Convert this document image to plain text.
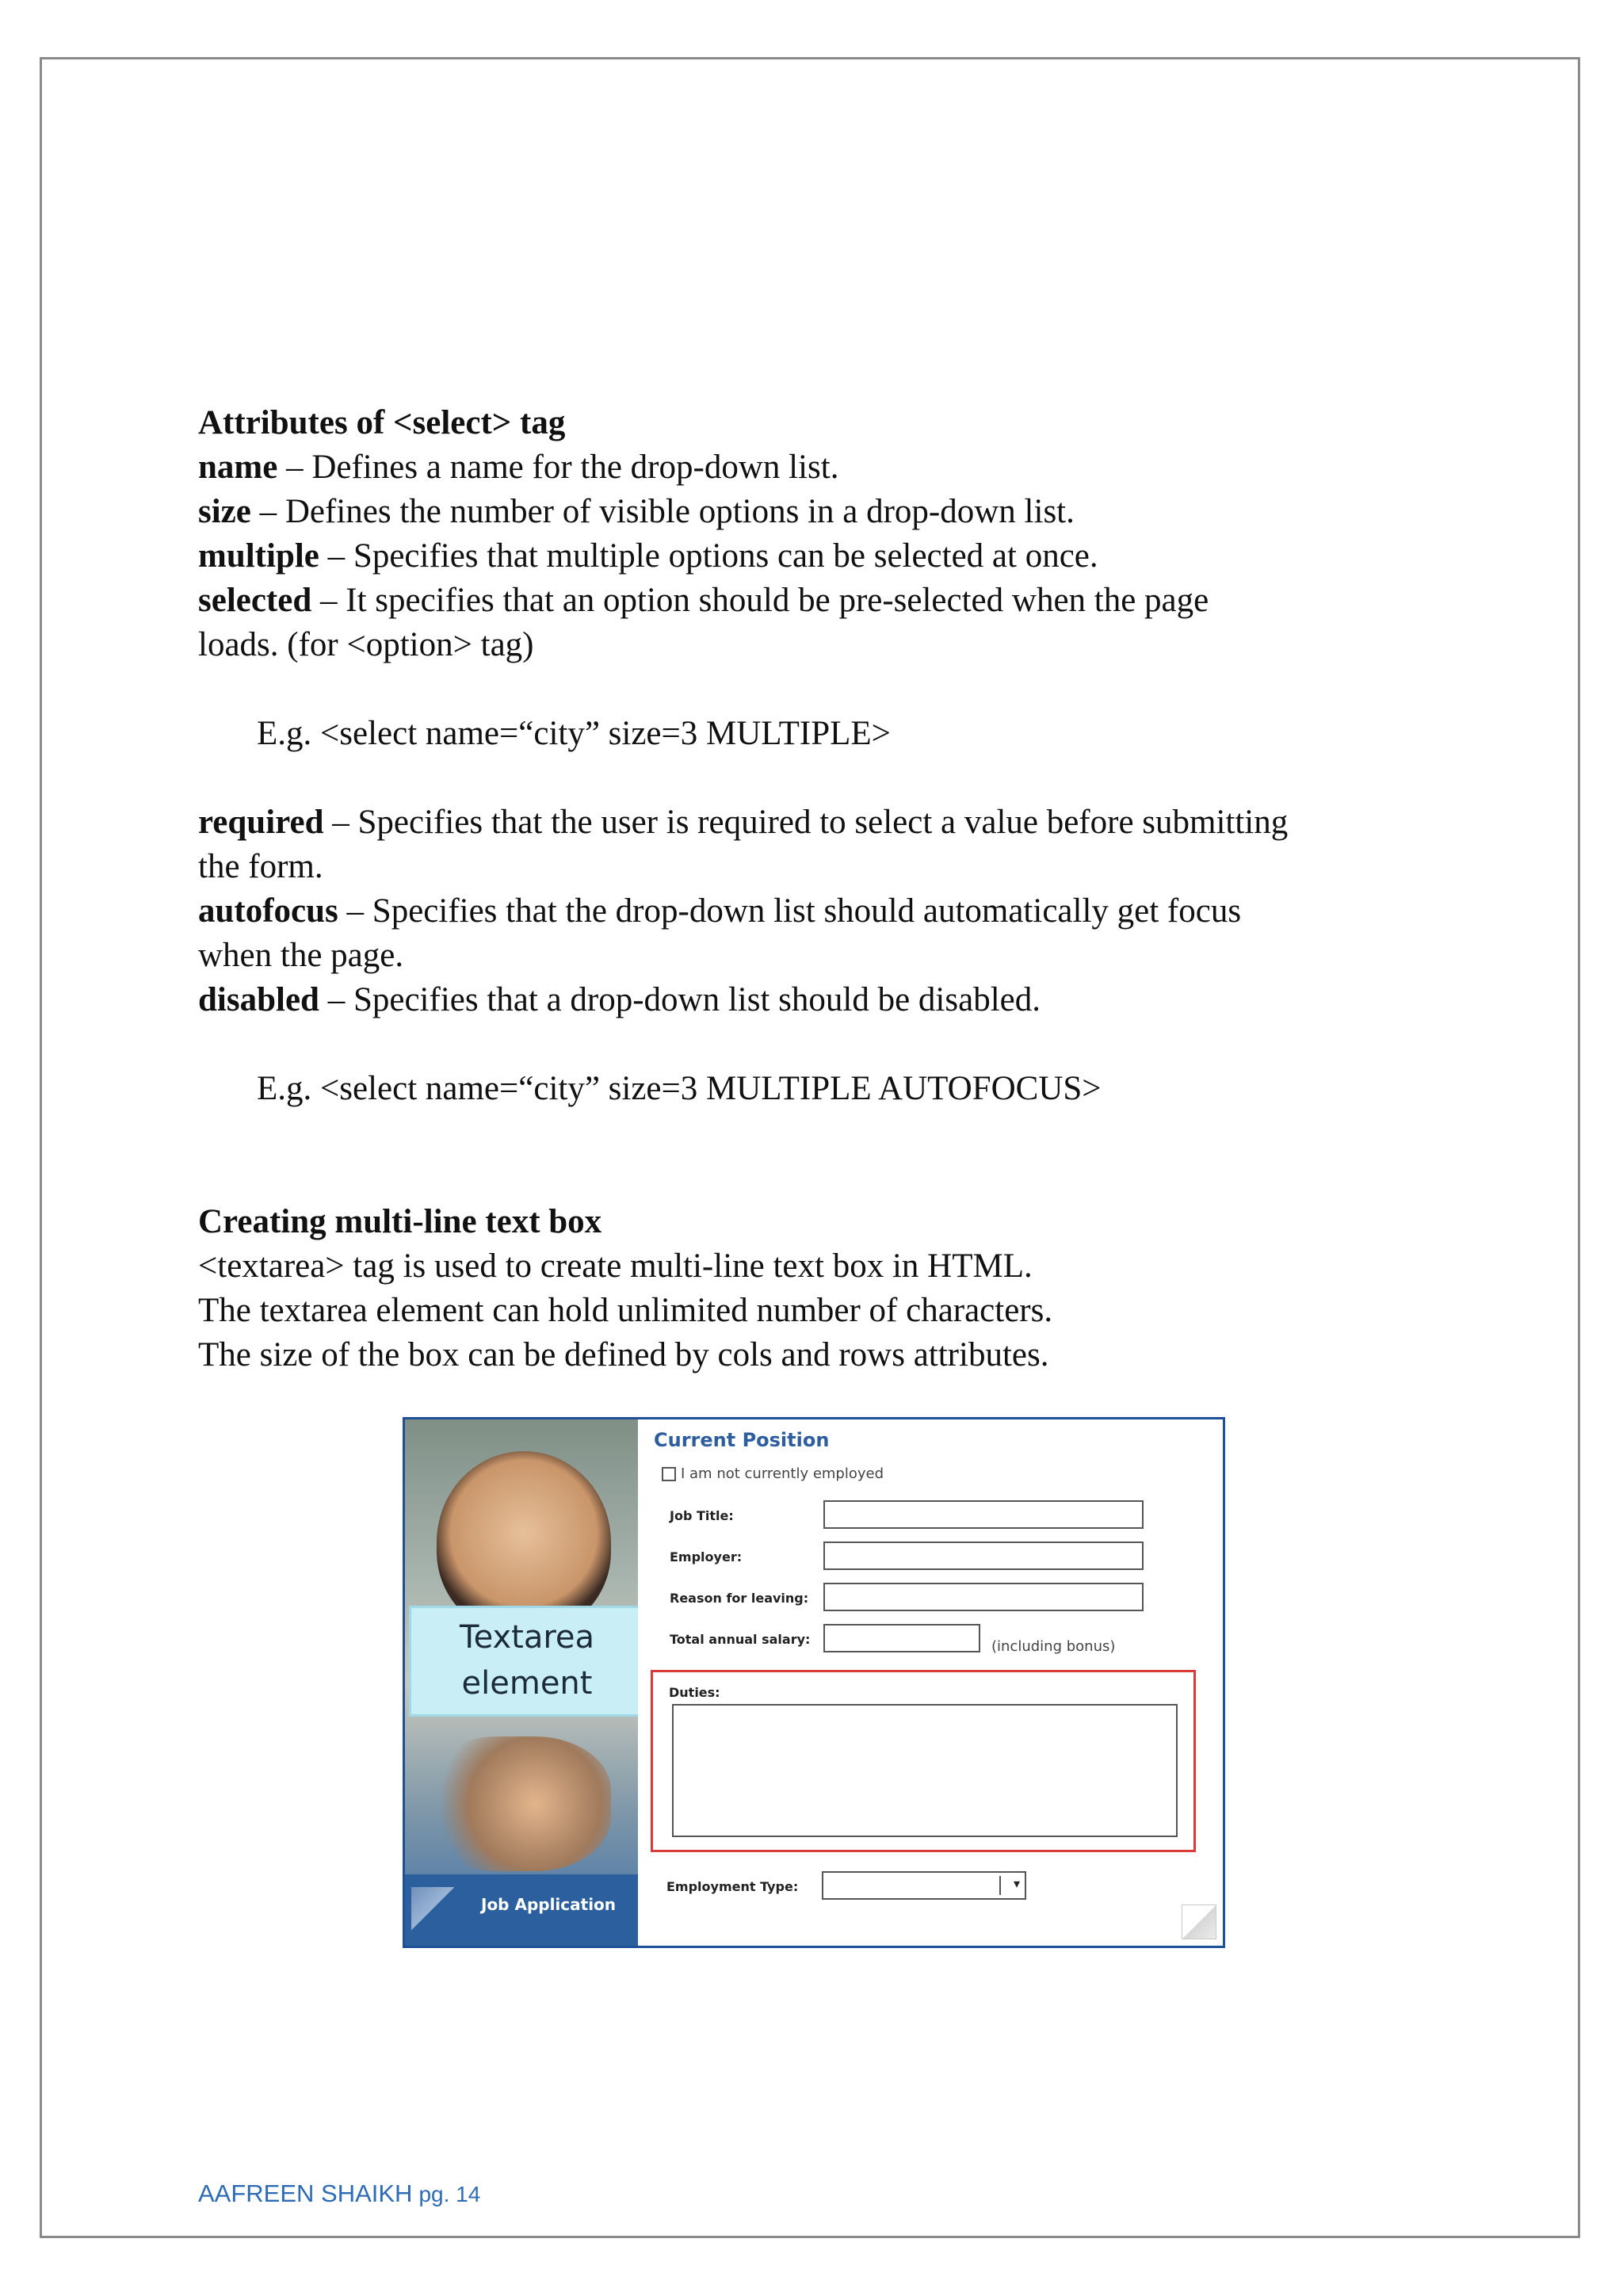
Attributes of <select> tag

name – Defines a name for the drop-down list.

size – Defines the number of visible options in a drop-down list.

multiple – Specifies that multiple options can be selected at once.

selected – It specifies that an option should be pre-selected when the page

loads. (for <option> tag)

E.g. <select name=“city” size=3 MULTIPLE>

required – Specifies that the user is required to select a value before submitting

the form.

autofocus – Specifies that the drop-down list should automatically get focus

when the page.

disabled – Specifies that a drop-down list should be disabled.

E.g. <select name=“city” size=3 MULTIPLE AUTOFOCUS>

Creating multi-line text box

<textarea> tag is used to create multi-line text box in HTML.

The textarea element can hold unlimited number of characters.

The size of the box can be defined by cols and rows attributes.

Job Application
Textarea
element
Current Position
I am not currently employed
Job Title:
Employer:
Reason for leaving:
Total annual salary:	(including bonus)
Duties:
Employment Type:	▾
AAFREEN SHAIKH pg. 14
